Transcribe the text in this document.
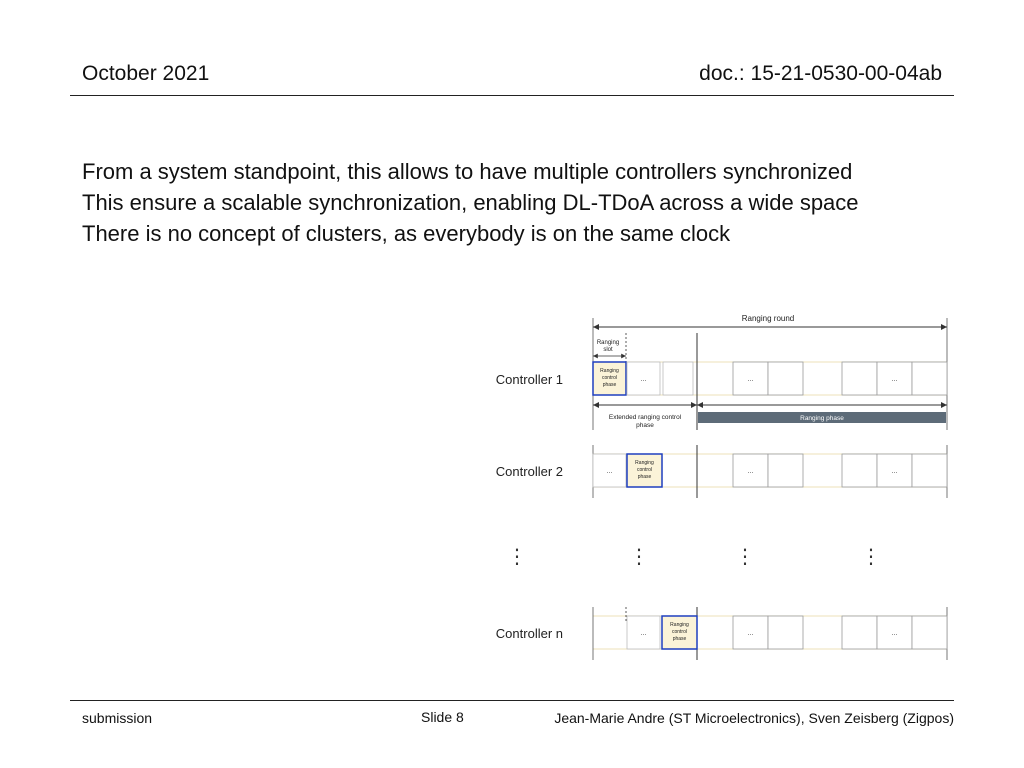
October 2021	doc.: 15-21-0530-00-04ab
From a system standpoint, this allows to have multiple controllers synchronized
This ensure a scalable synchronization, enabling DL-TDoA across a wide space
There is no concept of clusters, as everybody is on the same clock
Ranging round
Ranging
slot
Controller 1
Ranging
control
phase
...	...	...
Extended ranging control
phase
Ranging phase
Controller 2	...
Ranging
control
phase
...	...
⋮	⋮	⋮	⋮
Controller n	...
Ranging
control
phase
...	...
submission	Slide 8	Jean-Marie Andre (ST Microelectronics), Sven Zeisberg (Zigpos)
